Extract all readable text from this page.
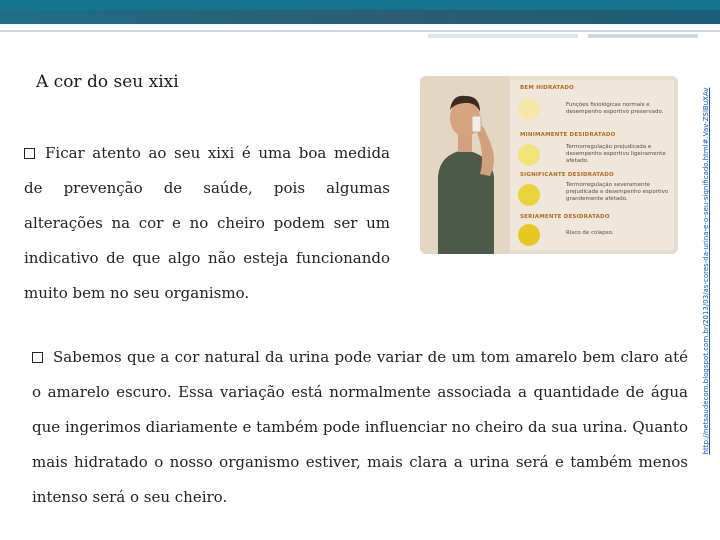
A cor do seu xixi
Ficar atento ao seu xixi é uma boa medida de prevenção de saúde, pois algumas alterações na cor e no cheiro podem ser um indicativo de que algo não esteja funcionando muito bem no seu organismo.
BEM HIDRATADO
Funções fisiológicas normais e desempenho esportivo preservado.
MINIMAMENTE DESIDRATADO
Termorregulação prejudicada e desempenho esportivo ligeiramente afetado.
SIGNIFICANTE DESIDRATADO
Termorregulação severamente prejudicada e desempenho esportivo grandemente afetado.
SERIAMENTE DESIDRATADO
Risco de colapso.
Sabemos que a cor natural da urina pode variar de um tom amarelo bem claro até o amarelo escuro. Essa variação está normalmente associada a quantidade de água que ingerimos diariamente e também pode influenciar no cheiro da sua urina. Quanto mais hidratado o nosso organismo estiver, mais clara a urina será e também menos intenso será o seu cheiro.
http://netsaudecom.blogspot.com.br/2013/03/as-cores-da-urina-e-o-seu-significado.html#.Vav-ZSlBuXAv
